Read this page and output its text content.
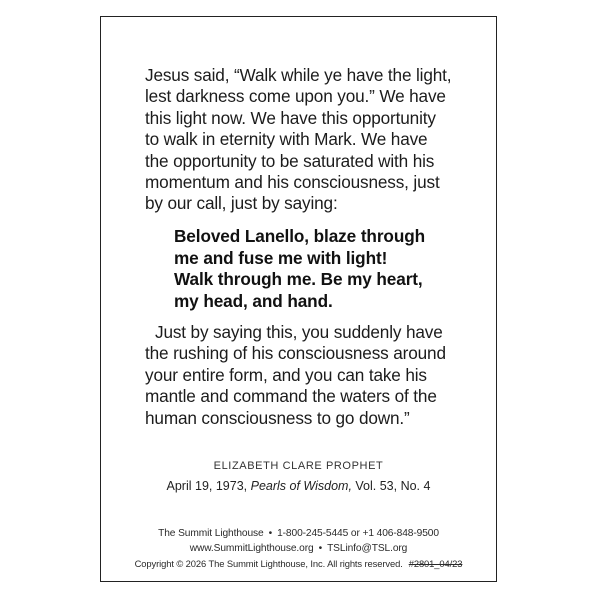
Jesus said, “Walk while ye have the light,
lest darkness come upon you.” We have
this light now. We have this opportunity
to walk in eternity with Mark. We have
the opportunity to be saturated with his
momentum and his consciousness, just
by our call, just by saying:
Beloved Lanello, blaze through
me and fuse me with light!
Walk through me. Be my heart,
my head, and hand.
Just by saying this, you suddenly have
the rushing of his consciousness around
your entire form, and you can take his
mantle and command the waters of the
human consciousness to go down.”
ELIZABETH CLARE PROPHET
April 19, 1973, Pearls of Wisdom, Vol. 53, No. 4
The Summit Lighthouse • 1-800-245-5445 or +1 406-848-9500
www.SummitLighthouse.org • TSLinfo@TSL.org
Copyright © 2026 The Summit Lighthouse, Inc. All rights reserved. #2801_04/23
